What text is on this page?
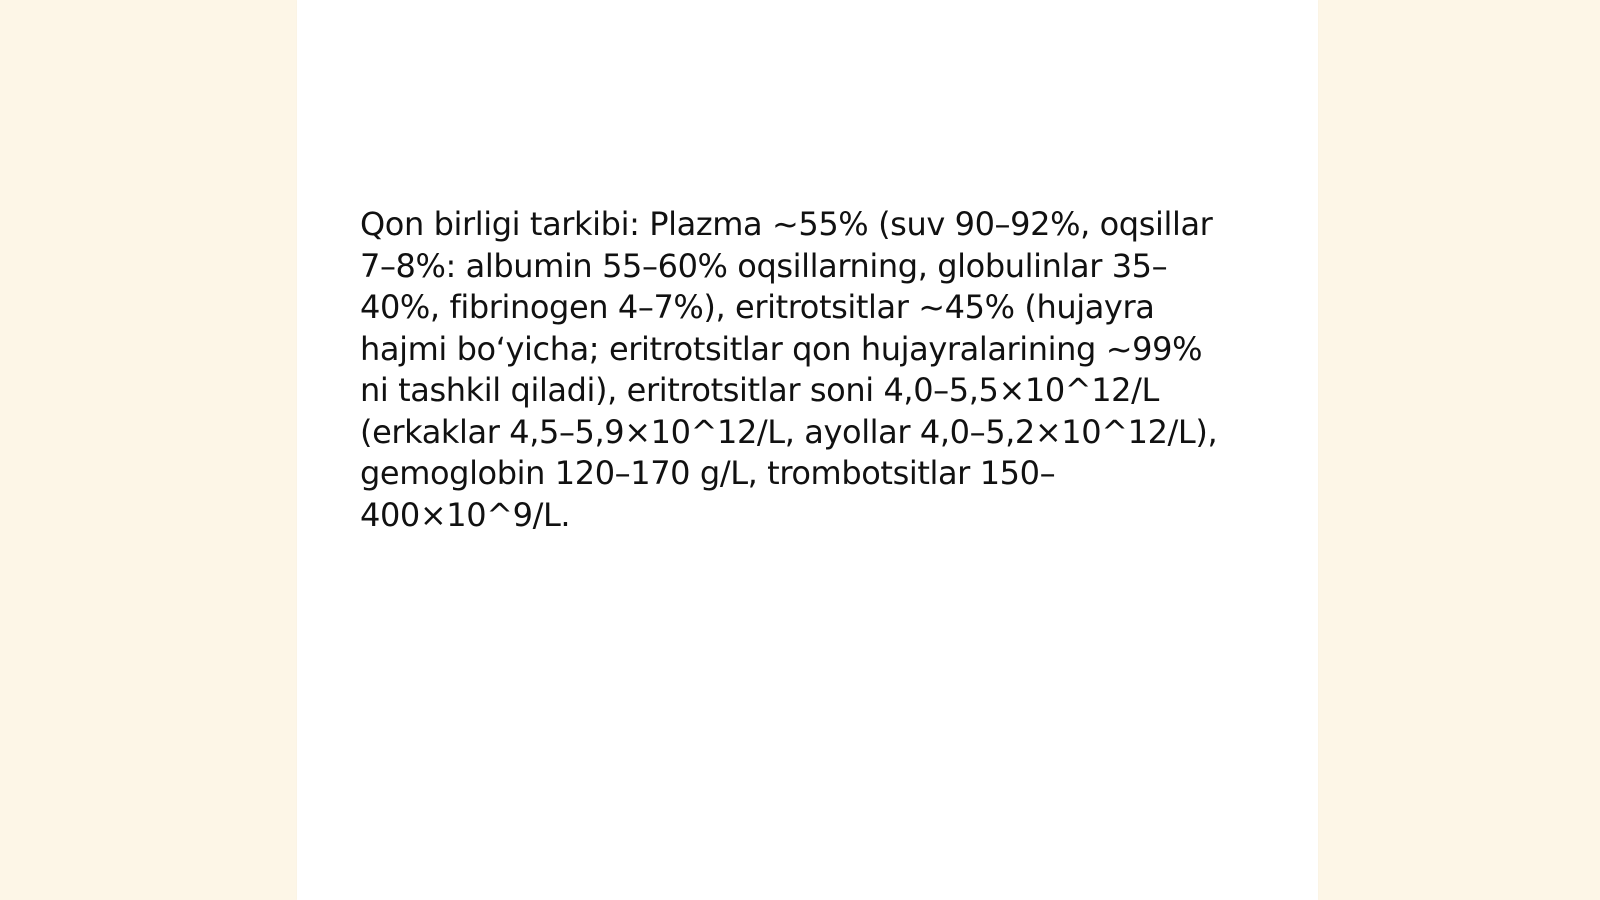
Qon birligi tarkibi: Plazma ~55% (suv 90–92%, oqsillar
7–8%: albumin 55–60% oqsillarning, globulinlar 35–
40%, fibrinogen 4–7%), eritrotsitlar ~45% (hujayra
hajmi bo‘yicha; eritrotsitlar qon hujayralarining ~99%
ni tashkil qiladi), eritrotsitlar soni 4,0–5,5×10^12/L
(erkaklar 4,5–5,9×10^12/L, ayollar 4,0–5,2×10^12/L),
gemoglobin 120–170 g/L, trombotsitlar 150–
400×10^9/L.
